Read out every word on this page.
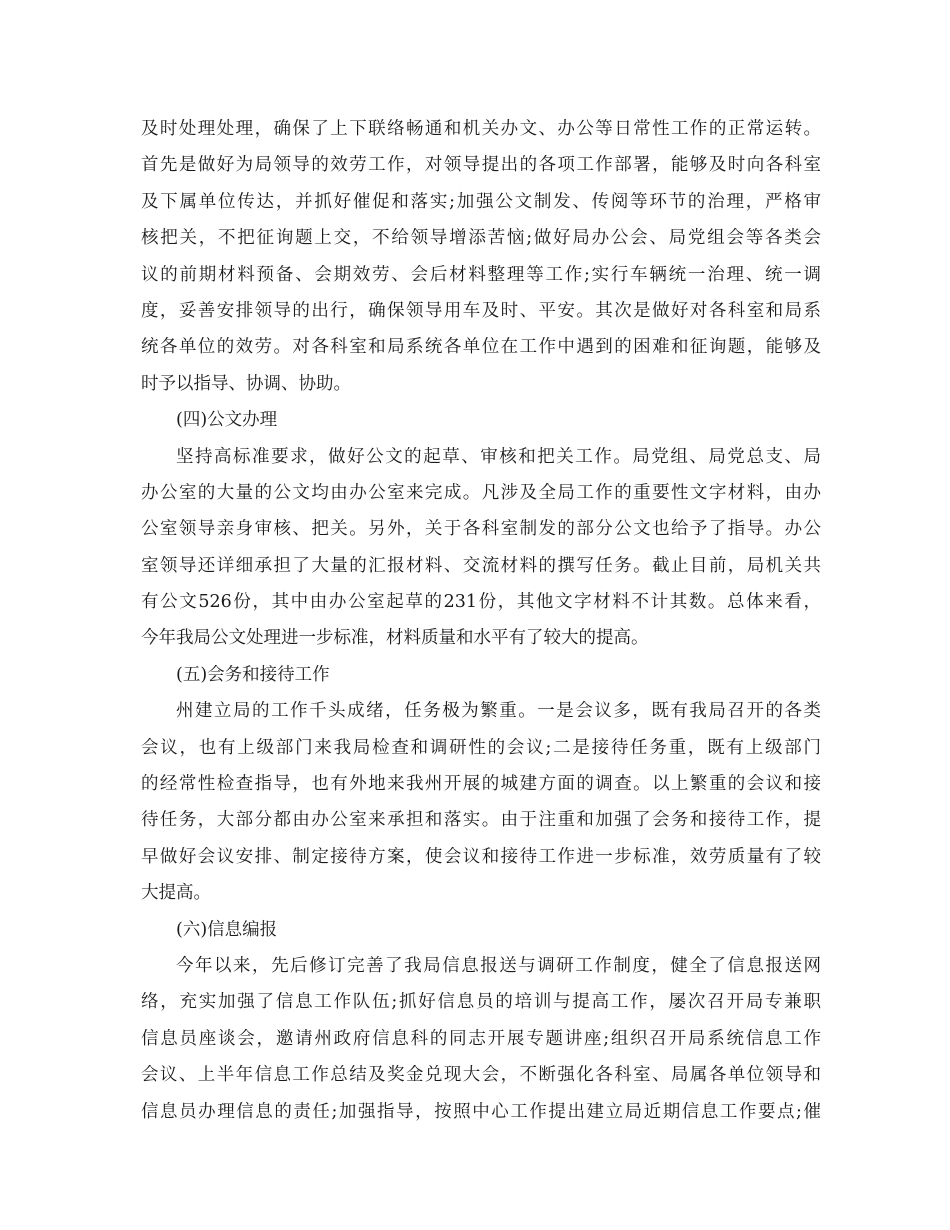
及时处理处理，确保了上下联络畅通和机关办文、办公等日常性工作的正常运转。
首先是做好为局领导的效劳工作，对领导提出的各项工作部署，能够及时向各科室
及下属单位传达，并抓好催促和落实;加强公文制发、传阅等环节的治理，严格审
核把关，不把征询题上交，不给领导增添苦恼;做好局办公会、局党组会等各类会
议的前期材料预备、会期效劳、会后材料整理等工作;实行车辆统一治理、统一调
度，妥善安排领导的出行，确保领导用车及时、平安。其次是做好对各科室和局系
统各单位的效劳。对各科室和局系统各单位在工作中遇到的困难和征询题，能够及
时予以指导、协调、协助。
(四)公文办理
坚持高标准要求，做好公文的起草、审核和把关工作。局党组、局党总支、局
办公室的大量的公文均由办公室来完成。凡涉及全局工作的重要性文字材料，由办
公室领导亲身审核、把关。另外，关于各科室制发的部分公文也给予了指导。办公
室领导还详细承担了大量的汇报材料、交流材料的撰写任务。截止目前，局机关共
有公文526份，其中由办公室起草的231份，其他文字材料不计其数。总体来看，
今年我局公文处理进一步标准，材料质量和水平有了较大的提高。
(五)会务和接待工作
州建立局的工作千头成绪，任务极为繁重。一是会议多，既有我局召开的各类
会议，也有上级部门来我局检查和调研性的会议;二是接待任务重，既有上级部门
的经常性检查指导，也有外地来我州开展的城建方面的调查。以上繁重的会议和接
待任务，大部分都由办公室来承担和落实。由于注重和加强了会务和接待工作，提
早做好会议安排、制定接待方案，使会议和接待工作进一步标准，效劳质量有了较
大提高。
(六)信息编报
今年以来，先后修订完善了我局信息报送与调研工作制度，健全了信息报送网
络，充实加强了信息工作队伍;抓好信息员的培训与提高工作，屡次召开局专兼职
信息员座谈会，邀请州政府信息科的同志开展专题讲座;组织召开局系统信息工作
会议、上半年信息工作总结及奖金兑现大会，不断强化各科室、局属各单位领导和
信息员办理信息的责任;加强指导，按照中心工作提出建立局近期信息工作要点;催
